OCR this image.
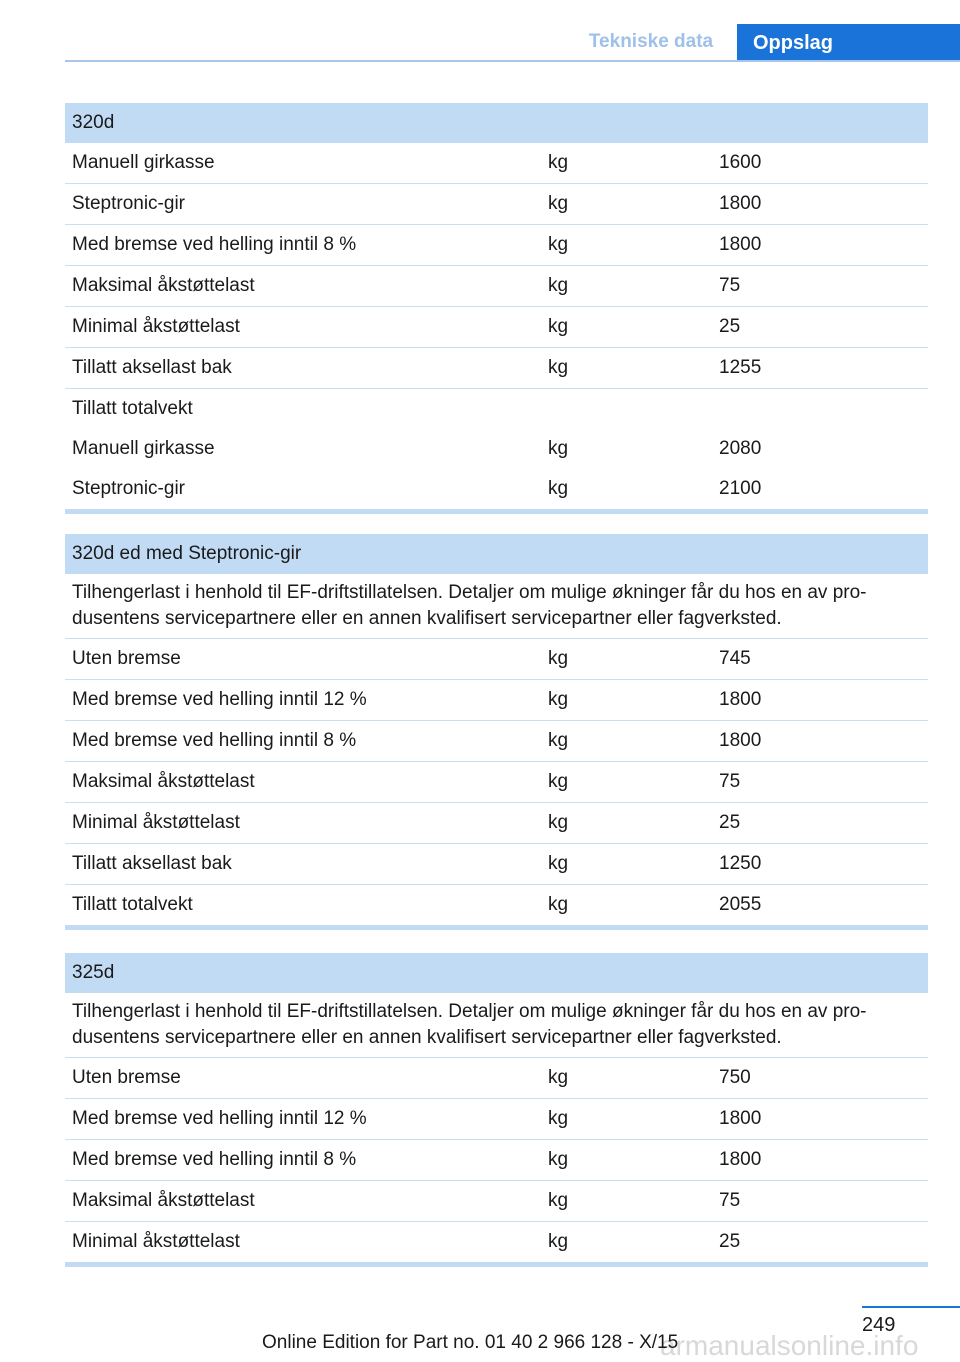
Tekniske data	Oppslag
320d
Manuell girkasse	kg	1600
Steptronic-gir	kg	1800
Med bremse ved helling inntil 8 %	kg	1800
Maksimal åkstøttelast	kg	75
Minimal åkstøttelast	kg	25
Tillatt aksellast bak	kg	1255
Tillatt totalvekt
Manuell girkasse	kg	2080
Steptronic-gir	kg	2100
320d ed med Steptronic-gir
Tilhengerlast i henhold til EF-driftstillatelsen. Detaljer om mulige økninger får du hos en av pro-dusentens servicepartnere eller en annen kvalifisert servicepartner eller fagverksted.
Uten bremse	kg	745
Med bremse ved helling inntil 12 %	kg	1800
Med bremse ved helling inntil 8 %	kg	1800
Maksimal åkstøttelast	kg	75
Minimal åkstøttelast	kg	25
Tillatt aksellast bak	kg	1250
Tillatt totalvekt	kg	2055
325d
Tilhengerlast i henhold til EF-driftstillatelsen. Detaljer om mulige økninger får du hos en av pro-dusentens servicepartnere eller en annen kvalifisert servicepartner eller fagverksted.
Uten bremse	kg	750
Med bremse ved helling inntil 12 %	kg	1800
Med bremse ved helling inntil 8 %	kg	1800
Maksimal åkstøttelast	kg	75
Minimal åkstøttelast	kg	25
249
armanualsonline.info
Online Edition for Part no. 01 40 2 966 128 - X/15
